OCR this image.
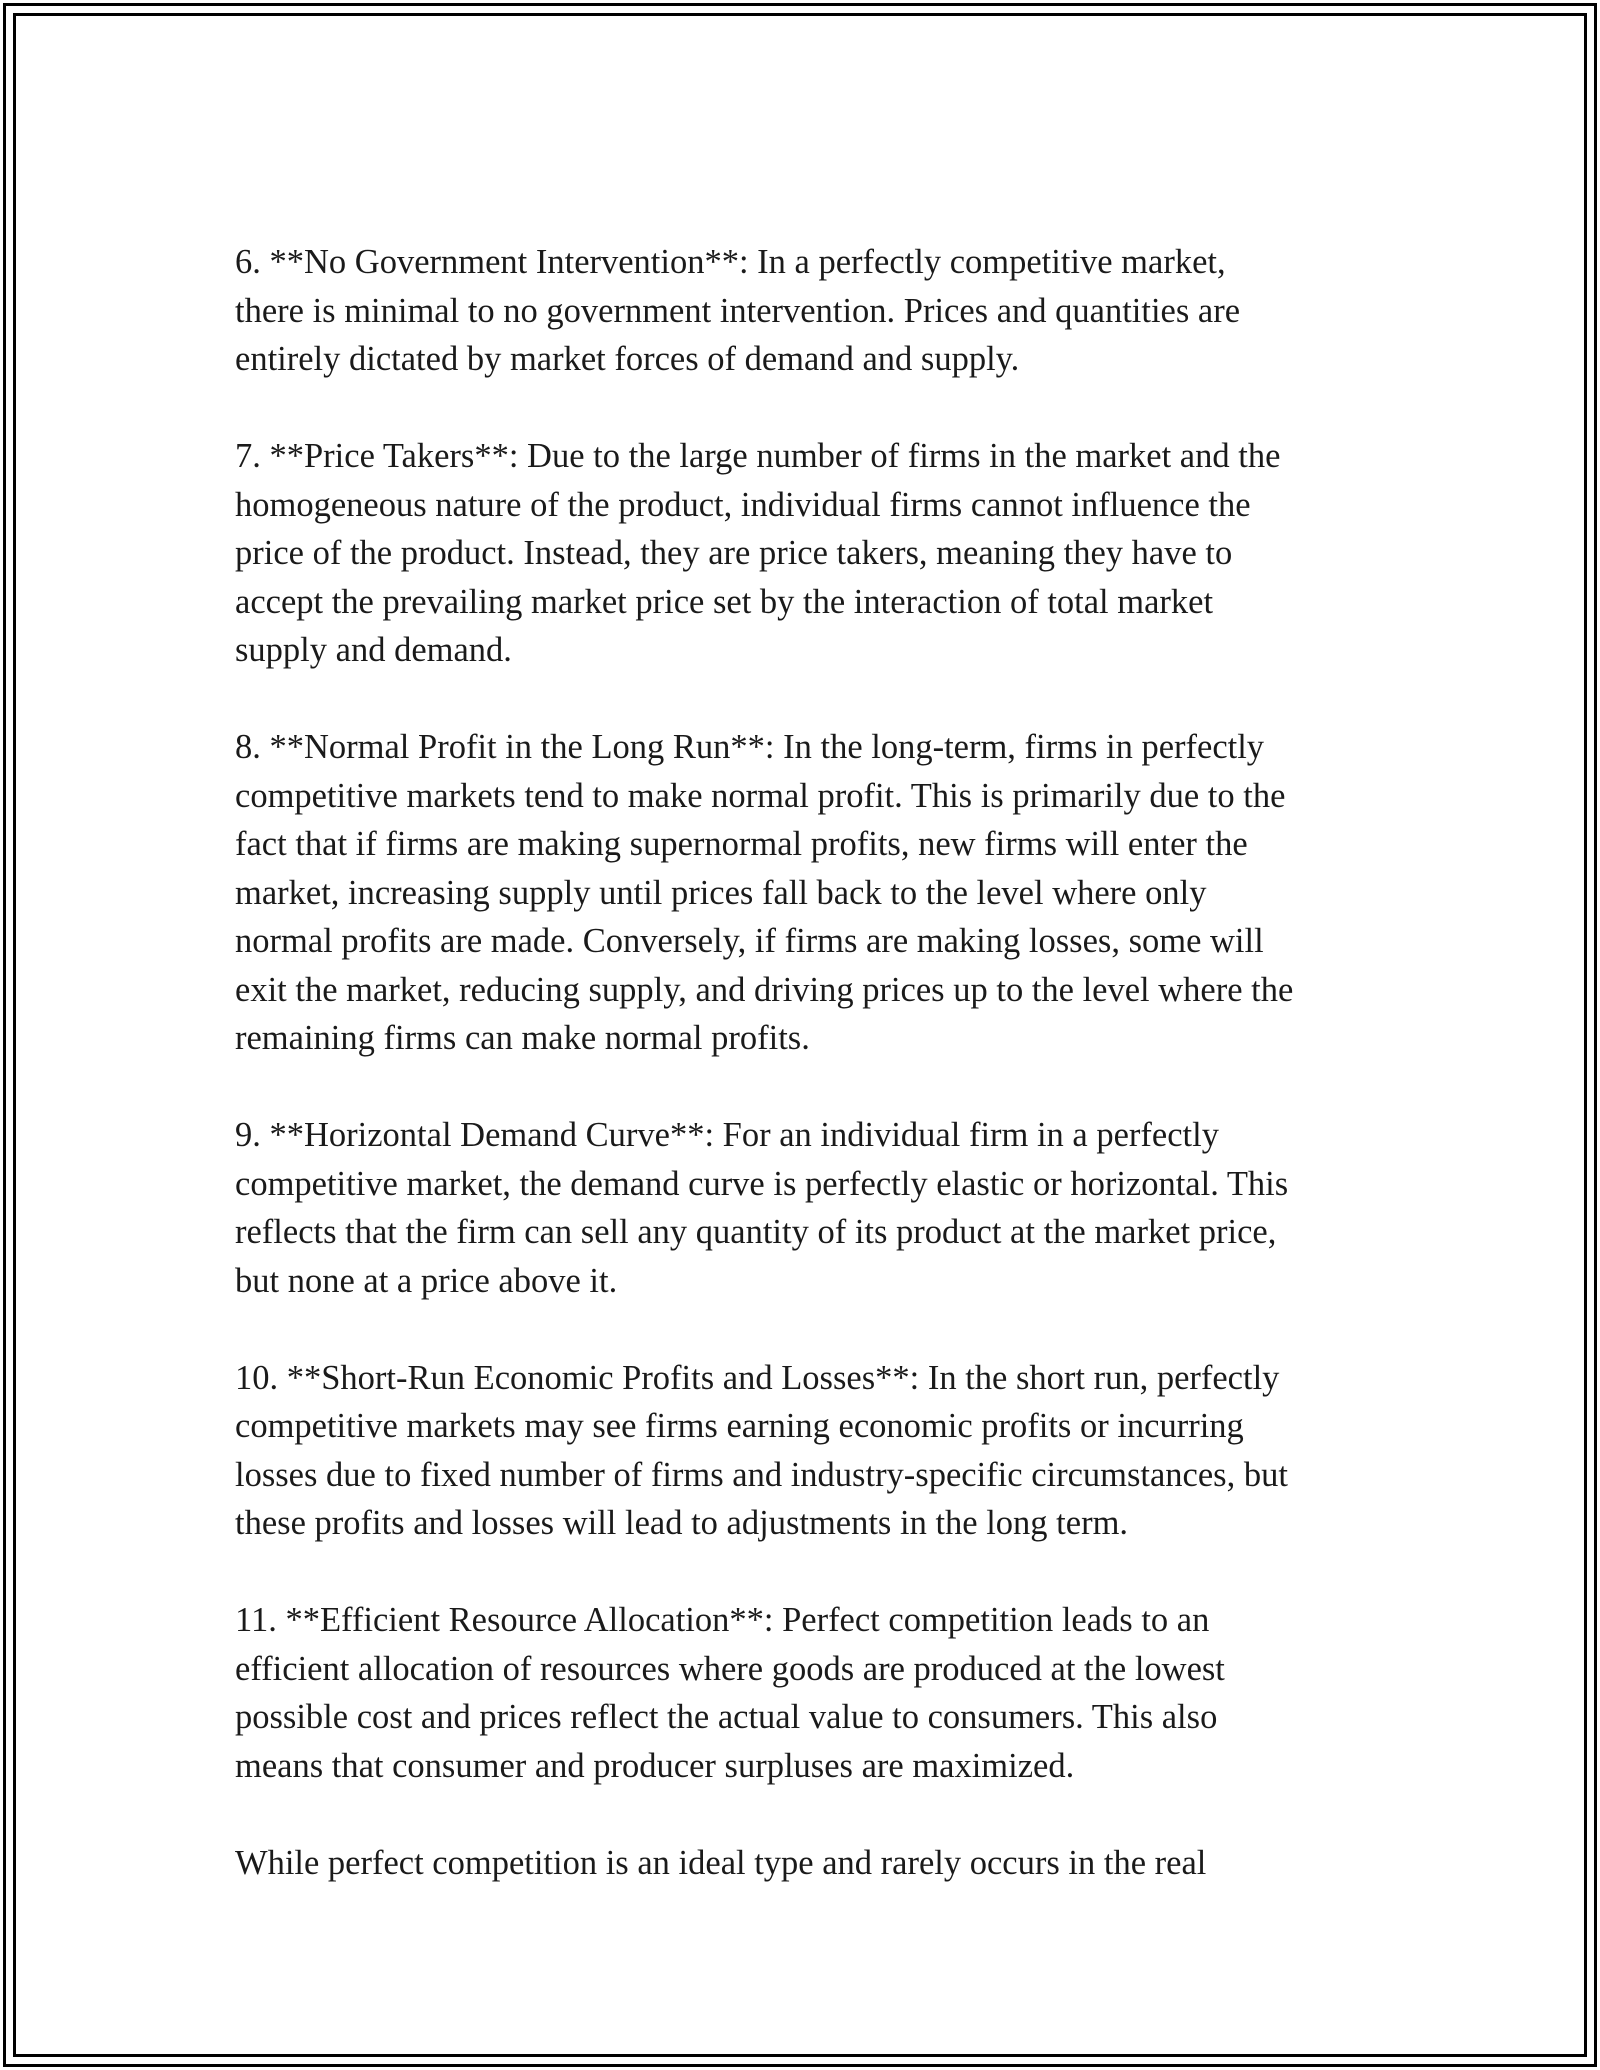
6. **No Government Intervention**: In a perfectly competitive market,
there is minimal to no government intervention. Prices and quantities are
entirely dictated by market forces of demand and supply.

7. **Price Takers**: Due to the large number of firms in the market and the
homogeneous nature of the product, individual firms cannot influence the
price of the product. Instead, they are price takers, meaning they have to
accept the prevailing market price set by the interaction of total market
supply and demand.

8. **Normal Profit in the Long Run**: In the long-term, firms in perfectly
competitive markets tend to make normal profit. This is primarily due to the
fact that if firms are making supernormal profits, new firms will enter the
market, increasing supply until prices fall back to the level where only
normal profits are made. Conversely, if firms are making losses, some will
exit the market, reducing supply, and driving prices up to the level where the
remaining firms can make normal profits.

9. **Horizontal Demand Curve**: For an individual firm in a perfectly
competitive market, the demand curve is perfectly elastic or horizontal. This
reflects that the firm can sell any quantity of its product at the market price,
but none at a price above it.

10. **Short-Run Economic Profits and Losses**: In the short run, perfectly
competitive markets may see firms earning economic profits or incurring
losses due to fixed number of firms and industry-specific circumstances, but
these profits and losses will lead to adjustments in the long term.

11. **Efficient Resource Allocation**: Perfect competition leads to an
efficient allocation of resources where goods are produced at the lowest
possible cost and prices reflect the actual value to consumers. This also
means that consumer and producer surpluses are maximized.

While perfect competition is an ideal type and rarely occurs in the real
